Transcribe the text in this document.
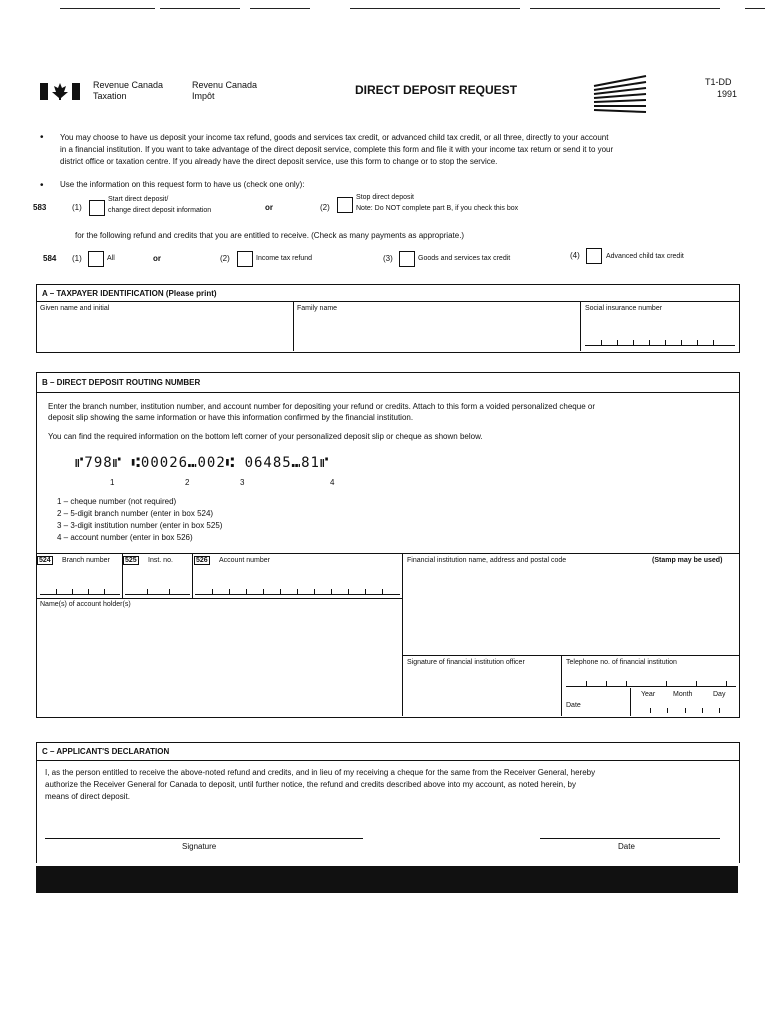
Revenue Canada
Taxation
Revenu Canada
Impôt	DIRECT DEPOSIT REQUEST
T1-DD
1991
• You may choose to have us deposit your income tax refund, goods and services tax credit, or advanced child tax credit, or all three, directly to your account
in a financial institution. If you want to take advantage of the direct deposit service, complete this form and file it with your income tax return or send it to your
district office or taxation centre. If you already have the direct deposit service, use this form to change or to stop the service.
• Use the information on this request form to have us (check one only):
583	(1)
Start direct deposit/
change direct deposit information	or	(2)
Stop direct deposit
Note: Do NOT complete part B, if you check this box
for the following refund and credits that you are entitled to receive. (Check as many payments as appropriate.)
584 (1)	All	or	(2)	Income tax refund	(3)	Goods and services tax credit	(4)	Advanced child tax credit
A – TAXPAYER IDENTIFICATION (Please print)
Given name and initial	Family name	Social insurance number
B – DIRECT DEPOSIT ROUTING NUMBER
Enter the branch number, institution number, and account number for depositing your refund or credits. Attach to this form a voided personalized cheque or
deposit slip showing the same information or have this information confirmed by the financial institution.
You can find the required information on the bottom left corner of your personalized deposit slip or cheque as shown below.
⑈798⑈ ⑆00026⑉002⑆ 06485⑉81⑈
1	2	3	4
1 – cheque number (not required)
2 – 5-digit branch number (enter in box 524)
3 – 3-digit institution number (enter in box 525)
4 – account number (enter in box 526)
524 Branch number 525 Inst. no.	526 Account number
Name(s) of account holder(s)
Financial institution name, address and postal code	(Stamp may be used)
Signature of financial institution officer	Telephone no. of financial institution
Year	Month	Day
Date
C – APPLICANT'S DECLARATION
I, as the person entitled to receive the above-noted refund and credits, and in lieu of my receiving a cheque for the same from the Receiver General, hereby
authorize the Receiver General for Canada to deposit, until further notice, the refund and credits described above into my account, as noted herein, by
means of direct deposit.
Signature	Date
